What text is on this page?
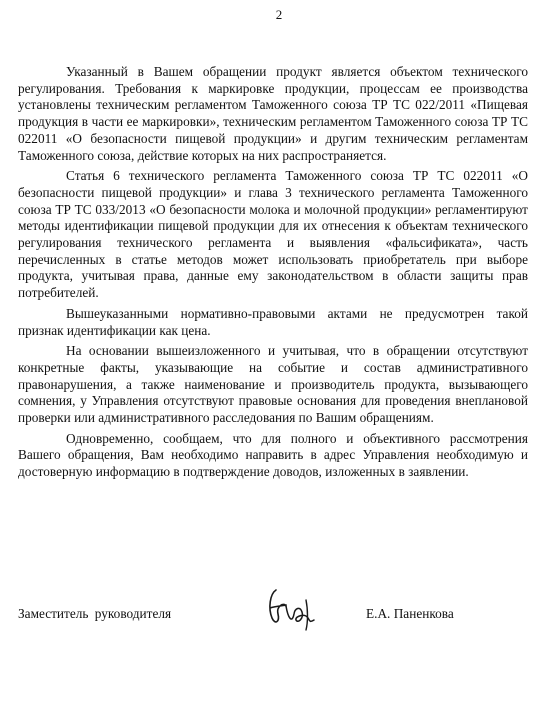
2

Указанный в Вашем обращении продукт является объектом технического регулирования. Требования к маркировке продукции, процессам ее производства установлены техническим регламентом Таможенного союза ТР ТС 022/2011 «Пищевая продукция в части ее маркировки», техническим регламентом Таможенного союза ТР ТС 022011 «О безопасности пищевой продукции» и другим техническим регламентам Таможенного союза, действие которых на них распространяется.

Статья 6 технического регламента Таможенного союза ТР ТС 022011 «О безопасности пищевой продукции» и глава 3 технического регламента Таможенного союза ТР ТС 033/2013 «О безопасности молока и молочной продукции» регламентируют методы идентификации пищевой продукции для их отнесения к объектам технического регулирования технического регламента и выявления «фальсификата», часть перечисленных в статье методов может использовать приобретатель при выборе продукта, учитывая права, данные ему законодательством в области защиты прав потребителей.

Вышеуказанными нормативно-правовыми актами не предусмотрен такой признак идентификации как цена.

На основании вышеизложенного и учитывая, что в обращении отсутствуют конкретные факты, указывающие на событие и состав административного правонарушения, а также наименование и производитель продукта, вызывающего сомнения, у Управления отсутствуют правовые основания для проведения внеплановой проверки или административного расследования по Вашим обращениям.

Одновременно, сообщаем, что для полного и объективного рассмотрения Вашего обращения, Вам необходимо направить в адрес Управления необходимую и достоверную информацию в подтверждение доводов, изложенных в заявлении.

Заместитель руководителя	Е.А. Паненкова
